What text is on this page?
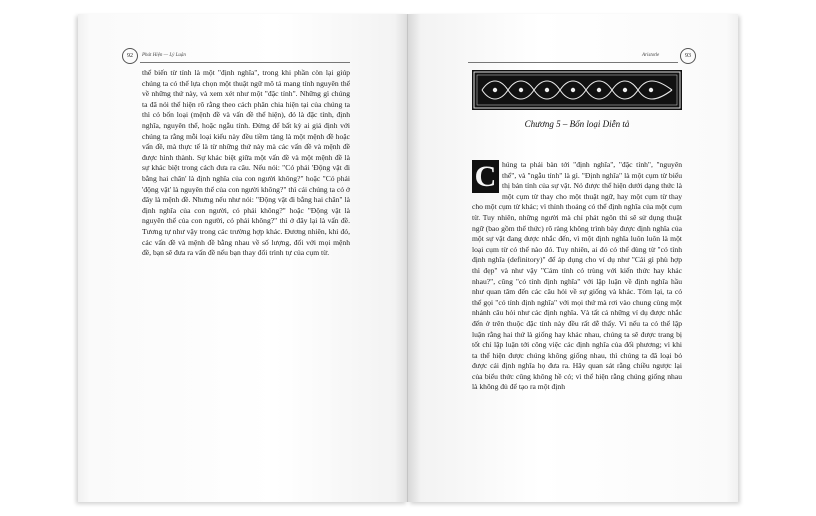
92	Phát Hiện — Lý Luận

thể biến từ tính là một "định nghĩa", trong khi phần còn lại giúp chúng ta có thể lựa chọn một thuật ngữ mô tả mang tính nguyên thể về những thứ này, và xem xét như một "đặc tính". Những gì chúng ta đã nói thể hiện rõ rằng theo cách phân chia hiện tại của chúng ta thì có bốn loại (mệnh đề và vấn đề thể hiện), đó là đặc tính, định nghĩa, nguyên thể, hoặc ngẫu tính. Đừng để bất kỳ ai giả định với chúng ta rằng mỗi loại kiểu này đều tiềm tàng là một mệnh đề hoặc vấn đề, mà thực tế là từ những thứ này mà các vấn đề và mệnh đề được hình thành. Sự khác biệt giữa một vấn đề và một mệnh đề là sự khác biệt trong cách đưa ra câu. Nếu nói: "Có phải 'Động vật đi bằng hai chân' là định nghĩa của con người không?" hoặc "Có phải 'động vật' là nguyên thể của con người không?" thì cái chúng ta có ở đây là mệnh đề. Nhưng nếu như nói: "Động vật đi bằng hai chân" là định nghĩa của con người, có phải không?" hoặc "Động vật là nguyên thể của con người, có phải không?" thì ở đây lại là vấn đề. Tương tự như vậy trong các trường hợp khác. Đương nhiên, khi đó, các vấn đề và mệnh đề bằng nhau về số lượng, đối với mọi mệnh đề, bạn sẽ đưa ra vấn đề nếu bạn thay đổi trình tự của cụm từ.

Aristotle	93
Chương 5 – Bốn loại Diễn tả
C húng ta phải bàn tới "định nghĩa", "đặc tính", "nguyên thể", và "ngẫu tính" là gì. "Định nghĩa" là một cụm từ biểu thị bản tính của sự vật. Nó được thể hiện dưới dạng thức là một cụm từ thay cho một thuật ngữ, hay một cụm từ thay cho một cụm từ khác; vì thỉnh thoảng có thể định nghĩa của một cụm từ. Tuy nhiên, những người mà chỉ phát ngôn thì sẽ sử dụng thuật ngữ (bao gồm thể thức) rõ ràng không trình bày được định nghĩa của một sự vật đang được nhắc đến, vì một định nghĩa luôn luôn là một loại cụm từ có thể nào đó. Tuy nhiên, ai đó có thể dùng từ "có tính định nghĩa (definitory)" để áp dụng cho ví dụ như "Cái gì phù hợp thì đẹp" và như vậy "Cảm tính có trùng với kiến thức hay khác nhau?", cũng "có tính định nghĩa" với lập luận về định nghĩa hầu như quan tâm đến các câu hỏi về sự giống và khác. Tóm lại, ta có thể gọi "có tính định nghĩa" với mọi thứ mà rơi vào chung cùng một nhánh câu hỏi như các định nghĩa. Và tất cả những ví dụ được nhắc đến ở trên thuộc đặc tính này đều rất dễ thấy. Vì nếu ta có thể lập luận rằng hai thứ là giống hay khác nhau, chúng ta sẽ được trang bị tốt chỉ lập luận tới công việc các định nghĩa của đối phương; vì khi ta thể hiện được chúng không giống nhau, thì chúng ta đã loại bỏ được cái định nghĩa họ đưa ra. Hãy quan sát rằng chiều ngược lại của biểu thức cũng không hề có; vì thể hiện rằng chúng giống nhau là không đủ để tạo ra một định
